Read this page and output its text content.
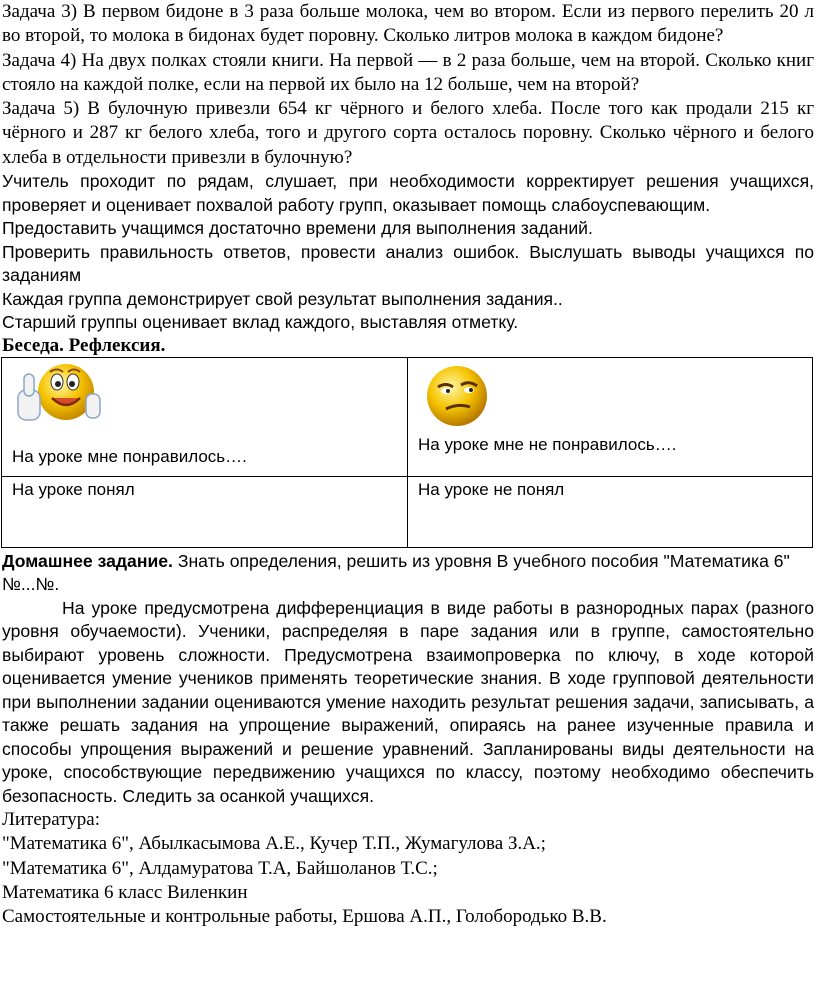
Задача 3) В первом бидоне в 3 раза больше молока, чем во втором. Если из первого перелить 20 л во второй, то молока в бидонах будет поровну. Сколько литров молока в каждом бидоне?

Задача 4) На двух полках стояли книги. На первой — в 2 раза больше, чем на второй. Сколько книг стояло на каждой полке, если на первой их было на 12 больше, чем на второй?

Задача 5) В булочную привезли 654 кг чёрного и белого хлеба. После того как продали 215 кг чёрного и 287 кг белого хлеба, того и другого сорта осталось поровну. Сколько чёрного и белого хлеба в отдельности привезли в булочную?

Учитель проходит по рядам, слушает, при необходимости корректирует решения учащихся, проверяет и оценивает похвалой работу групп, оказывает помощь слабоуспевающим.

Предоставить учащимся достаточно времени для выполнения заданий.

Проверить правильность ответов, провести анализ ошибок. Выслушать выводы учащихся по заданиям

Каждая группа демонстрирует свой результат выполнения задания..

Старший группы оценивает вклад каждого, выставляя отметку.

Беседа. Рефлексия.

На уроке мне понравилось….	На уроке мне не понравилось….

На уроке понял	На уроке не понял

Домашнее задание. Знать определения, решить из уровня В учебного пособия "Математика 6" №...№.

На уроке предусмотрена дифференциация в виде работы в разнородных парах (разного уровня обучаемости). Ученики, распределяя в паре задания или в группе, самостоятельно выбирают уровень сложности. Предусмотрена взаимопроверка по ключу, в ходе которой оценивается умение учеников применять теоретические знания. В ходе групповой деятельности при выполнении задании оцениваются умение находить результат решения задачи, записывать, а также решать задания на упрощение выражений, опираясь на ранее изученные правила и способы упрощения выражений и решение уравнений. Запланированы виды деятельности на уроке, способствующие передвижению учащихся по классу, поэтому необходимо обеспечить безопасность. Следить за осанкой учащихся.

Литература:

"Математика 6", Абылкасымова А.Е., Кучер Т.П., Жумагулова З.А.;

"Математика 6", Алдамуратова Т.А, Байшоланов Т.С.;

Математика 6 класс Виленкин

Самостоятельные и контрольные работы, Ершова А.П., Голобородько В.В.
